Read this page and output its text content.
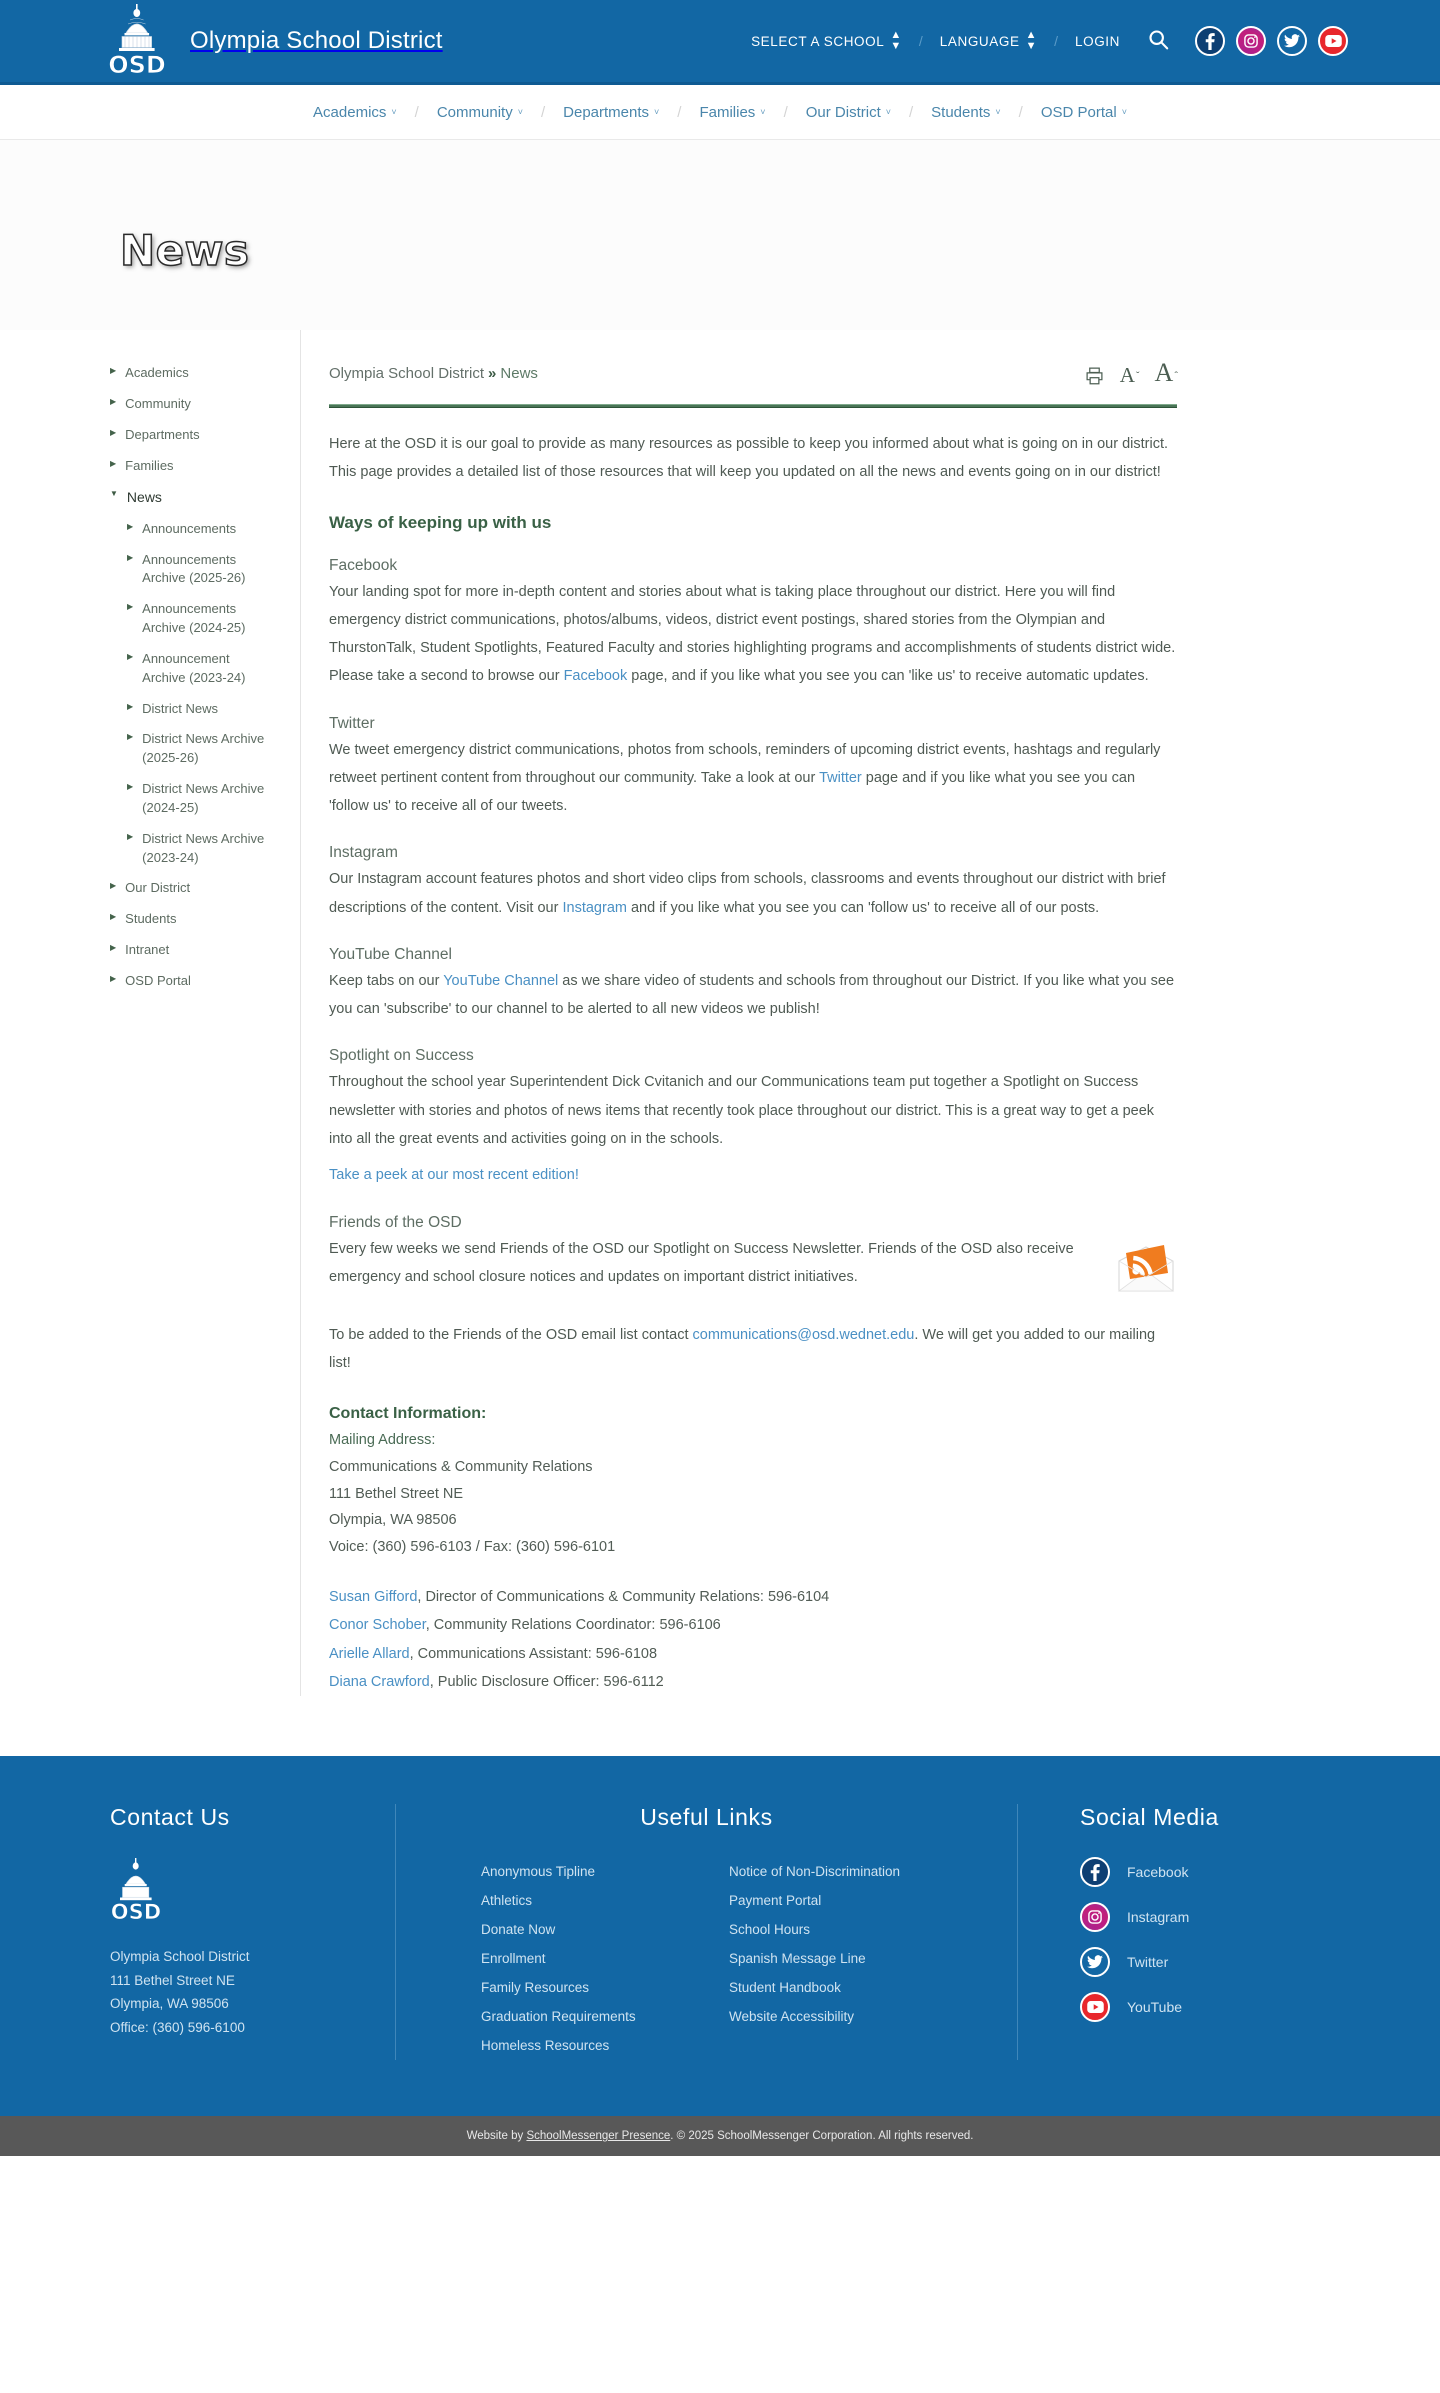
OSD
Olympia School District	SELECT A SCHOOL ▲
▼ / LANGUAGE ▲
▼ / LOGIN
Academics ˅ / Community ˅ / Departments ˅ / Families ˅ / Our District ˅ / Students ˅ / OSD Portal ˅
News
▶ Academics
▶ Community
▶ Departments
▶ Families
▼ News
▶ Announcements
▶ Announcements Archive (2025-26)
▶ Announcements Archive (2024-25)
▶ Announcement Archive (2023-24)
▶ District News
▶ District News Archive (2025-26)
▶ District News Archive (2024-25)
▶ District News Archive (2023-24)
▶ Our District
▶ Students
▶ Intranet
▶ OSD Portal
Olympia School District » News	$A^ˇ$ $A^ˆ$

Here at the OSD it is our goal to provide as many resources as possible to keep you informed about what is going on in our district. This page provides a detailed list of those resources that will keep you updated on all the news and events going on in our district!

Ways of keeping up with us
Facebook

Your landing spot for more in-depth content and stories about what is taking place throughout our district. Here you will find emergency district communications, photos/albums, videos, district event postings, shared stories from the Olympian and ThurstonTalk, Student Spotlights, Featured Faculty and stories highlighting programs and accomplishments of students district wide. Please take a second to browse our Facebook page, and if you like what you see you can 'like us' to receive automatic updates.

Twitter

We tweet emergency district communications, photos from schools, reminders of upcoming district events, hashtags and regularly retweet pertinent content from throughout our community. Take a look at our Twitter page and if you like what you see you can 'follow us' to receive all of our tweets.

Instagram

Our Instagram account features photos and short video clips from schools, classrooms and events throughout our district with brief descriptions of the content. Visit our Instagram and if you like what you see you can 'follow us' to receive all of our posts.

YouTube Channel

Keep tabs on our YouTube Channel as we share video of students and schools from throughout our District. If you like what you see you can 'subscribe' to our channel to be alerted to all new videos we publish!

Spotlight on Success

Throughout the school year Superintendent Dick Cvitanich and our Communications team put together a Spotlight on Success newsletter with stories and photos of news items that recently took place throughout our district. This is a great way to get a peek into all the great events and activities going on in the schools.

Take a peek at our most recent edition!

Friends of the OSD

Every few weeks we send Friends of the OSD our Spotlight on Success Newsletter. Friends of the OSD also receive emergency and school closure notices and updates on important district initiatives.

To be added to the Friends of the OSD email list contact communications@osd.wednet.edu. We will get you added to our mailing list!

Contact Information:
Mailing Address:
Communications & Community Relations
111 Bethel Street NE
Olympia, WA 98506
Voice: (360) 596-6103 / Fax: (360) 596-6101
Susan Gifford, Director of Communications & Community Relations: 596-6104
Conor Schober, Community Relations Coordinator: 596-6106
Arielle Allard, Communications Assistant: 596-6108
Diana Crawford, Public Disclosure Officer: 596-6112
Contact Us
OSD
Olympia School District
111 Bethel Street NE
Olympia, WA 98506
Office: (360) 596-6100
Useful Links
Anonymous Tipline
Athletics
Donate Now
Enrollment
Family Resources
Graduation Requirements
Homeless Resources
Notice of Non-Discrimination
Payment Portal
School Hours
Spanish Message Line
Student Handbook
Website Accessibility
Social Media
Facebook
Instagram
Twitter
YouTube
Website by SchoolMessenger Presence. © 2025 SchoolMessenger Corporation. All rights reserved.
